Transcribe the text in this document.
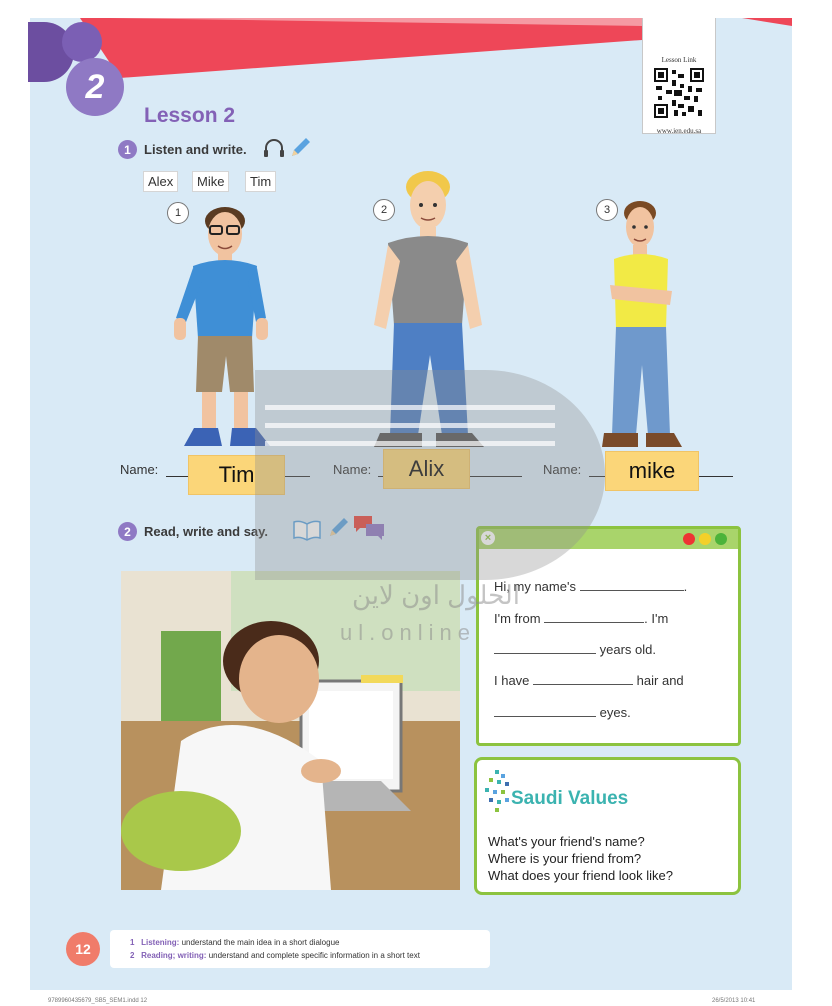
2
Lesson 2
Lesson Link
www.ien.edu.sa
1	Listen and write.
Alex	Mike	Tim
1	2	3
Name:	Tim	Name:	Alix	Name:	mike
2	Read, write and say.	×
Hi, my name's	.
I'm from	. I'm
years old.
I have	hair and
eyes.
Saudi Values
What's your friend's name?
Where is your friend from?
What does your friend look like?
الحلول اون لاين
ul.online
12	1 Listening: understand the main idea in a short dialogue
2 Reading; writing: understand and complete specific information in a short text
9789960435679_SB5_SEM1.indd 12	26/5/2013 10:41
